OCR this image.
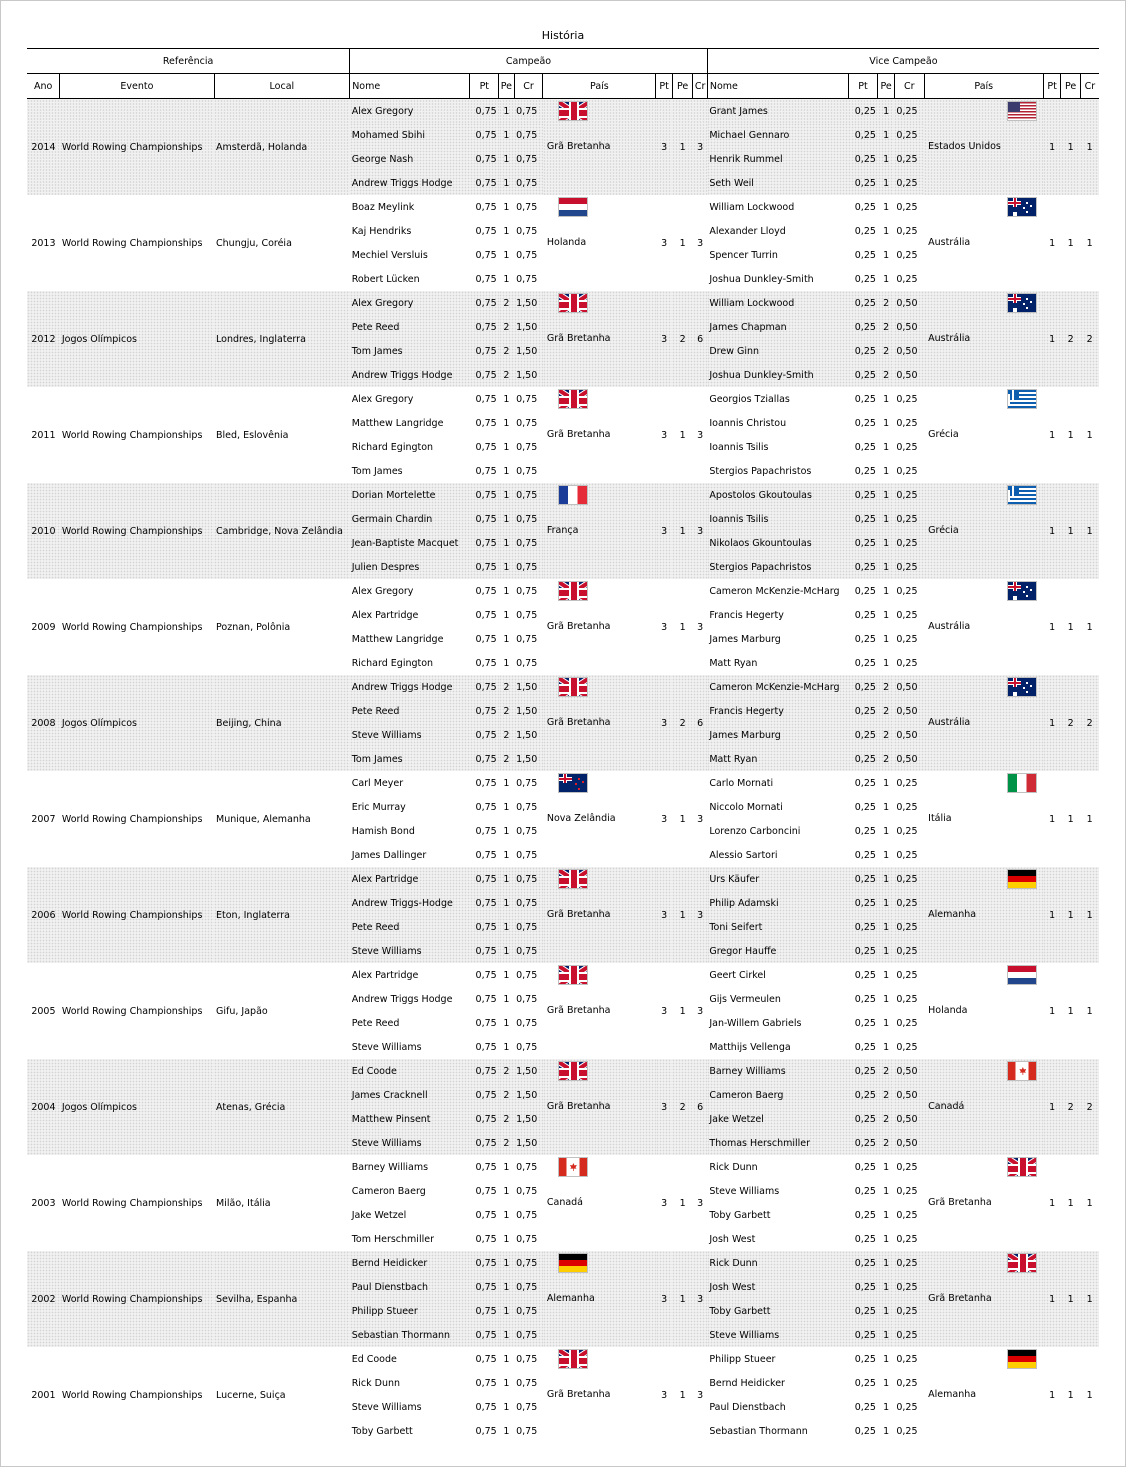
História
Referência			Campeão								Vice Campeão							
Ano	Evento	Local	Nome	Pt	Pe	Cr	País	Pt	Pe	Cr	Nome	Pt	Pe	Cr	País	Pt	Pe	Cr
2014	World Rowing Championships	Amsterdã, Holanda	Alex Gregory	0,75	1	0,75	Grã Bretanha	3	1	3	Grant James	0,25	1	0,25	Estados Unidos	1	1	1
			Mohamed Sbihi	0,75	1	0,75					Michael Gennaro	0,25	1	0,25				
			George Nash	0,75	1	0,75					Henrik Rummel	0,25	1	0,25				
			Andrew Triggs Hodge	0,75	1	0,75					Seth Weil	0,25	1	0,25				
2013	World Rowing Championships	Chungju, Coréia	Boaz Meylink	0,75	1	0,75	Holanda	3	1	3	William Lockwood	0,25	1	0,25	Austrália	1	1	1
			Kaj Hendriks	0,75	1	0,75					Alexander Lloyd	0,25	1	0,25				
			Mechiel Versluis	0,75	1	0,75					Spencer Turrin	0,25	1	0,25				
			Robert Lücken	0,75	1	0,75					Joshua Dunkley-Smith	0,25	1	0,25				
2012	Jogos Olímpicos	Londres, Inglaterra	Alex Gregory	0,75	2	1,50	Grã Bretanha	3	2	6	William Lockwood	0,25	2	0,50	Austrália	1	2	2
			Pete Reed	0,75	2	1,50					James Chapman	0,25	2	0,50				
			Tom James	0,75	2	1,50					Drew Ginn	0,25	2	0,50				
			Andrew Triggs Hodge	0,75	2	1,50					Joshua Dunkley-Smith	0,25	2	0,50				
2011	World Rowing Championships	Bled, Eslovênia	Alex Gregory	0,75	1	0,75	Grã Bretanha	3	1	3	Georgios Tziallas	0,25	1	0,25	Grécia	1	1	1
			Matthew Langridge	0,75	1	0,75					Ioannis Christou	0,25	1	0,25				
			Richard Egington	0,75	1	0,75					Ioannis Tsilis	0,25	1	0,25				
			Tom James	0,75	1	0,75					Stergios Papachristos	0,25	1	0,25				
2010	World Rowing Championships	Cambridge, Nova Zelândia	Dorian Mortelette	0,75	1	0,75	França	3	1	3	Apostolos Gkoutoulas	0,25	1	0,25	Grécia	1	1	1
			Germain Chardin	0,75	1	0,75					Ioannis Tsilis	0,25	1	0,25				
			Jean-Baptiste Macquet	0,75	1	0,75					Nikolaos Gkountoulas	0,25	1	0,25				
			Julien Despres	0,75	1	0,75					Stergios Papachristos	0,25	1	0,25				
2009	World Rowing Championships	Poznan, Polônia	Alex Gregory	0,75	1	0,75	Grã Bretanha	3	1	3	Cameron McKenzie-McHarg	0,25	1	0,25	Austrália	1	1	1
			Alex Partridge	0,75	1	0,75					Francis Hegerty	0,25	1	0,25				
			Matthew Langridge	0,75	1	0,75					James Marburg	0,25	1	0,25				
			Richard Egington	0,75	1	0,75					Matt Ryan	0,25	1	0,25				
2008	Jogos Olímpicos	Beijing, China	Andrew Triggs Hodge	0,75	2	1,50	Grã Bretanha	3	2	6	Cameron McKenzie-McHarg	0,25	2	0,50	Austrália	1	2	2
			Pete Reed	0,75	2	1,50					Francis Hegerty	0,25	2	0,50				
			Steve Williams	0,75	2	1,50					James Marburg	0,25	2	0,50				
			Tom James	0,75	2	1,50					Matt Ryan	0,25	2	0,50				
2007	World Rowing Championships	Munique, Alemanha	Carl Meyer	0,75	1	0,75	Nova Zelândia	3	1	3	Carlo Mornati	0,25	1	0,25	Itália	1	1	1
			Eric Murray	0,75	1	0,75					Niccolo Mornati	0,25	1	0,25				
			Hamish Bond	0,75	1	0,75					Lorenzo Carboncini	0,25	1	0,25				
			James Dallinger	0,75	1	0,75					Alessio Sartori	0,25	1	0,25				
2006	World Rowing Championships	Eton, Inglaterra	Alex Partridge	0,75	1	0,75	Grã Bretanha	3	1	3	Urs Käufer	0,25	1	0,25	Alemanha	1	1	1
			Andrew Triggs-Hodge	0,75	1	0,75					Philip Adamski	0,25	1	0,25				
			Pete Reed	0,75	1	0,75					Toni Seifert	0,25	1	0,25				
			Steve Williams	0,75	1	0,75					Gregor Hauffe	0,25	1	0,25				
2005	World Rowing Championships	Gifu, Japão	Alex Partridge	0,75	1	0,75	Grã Bretanha	3	1	3	Geert Cirkel	0,25	1	0,25	Holanda	1	1	1
			Andrew Triggs Hodge	0,75	1	0,75					Gijs Vermeulen	0,25	1	0,25				
			Pete Reed	0,75	1	0,75					Jan-Willem Gabriels	0,25	1	0,25				
			Steve Williams	0,75	1	0,75					Matthijs Vellenga	0,25	1	0,25				
2004	Jogos Olímpicos	Atenas, Grécia	Ed Coode	0,75	2	1,50	Grã Bretanha	3	2	6	Barney Williams	0,25	2	0,50	Canadá	1	2	2
			James Cracknell	0,75	2	1,50					Cameron Baerg	0,25	2	0,50				
			Matthew Pinsent	0,75	2	1,50					Jake Wetzel	0,25	2	0,50				
			Steve Williams	0,75	2	1,50					Thomas Herschmiller	0,25	2	0,50				
2003	World Rowing Championships	Milão, Itália	Barney Williams	0,75	1	0,75	Canadá	3	1	3	Rick Dunn	0,25	1	0,25	Grã Bretanha	1	1	1
			Cameron Baerg	0,75	1	0,75					Steve Williams	0,25	1	0,25				
			Jake Wetzel	0,75	1	0,75					Toby Garbett	0,25	1	0,25				
			Tom Herschmiller	0,75	1	0,75					Josh West	0,25	1	0,25				
2002	World Rowing Championships	Sevilha, Espanha	Bernd Heidicker	0,75	1	0,75	Alemanha	3	1	3	Rick Dunn	0,25	1	0,25	Grã Bretanha	1	1	1
			Paul Dienstbach	0,75	1	0,75					Josh West	0,25	1	0,25				
			Philipp Stueer	0,75	1	0,75					Toby Garbett	0,25	1	0,25				
			Sebastian Thormann	0,75	1	0,75					Steve Williams	0,25	1	0,25				
2001	World Rowing Championships	Lucerne, Suiça	Ed Coode	0,75	1	0,75	Grã Bretanha	3	1	3	Philipp Stueer	0,25	1	0,25	Alemanha	1	1	1
			Rick Dunn	0,75	1	0,75					Bernd Heidicker	0,25	1	0,25				
			Steve Williams	0,75	1	0,75					Paul Dienstbach	0,25	1	0,25				
			Toby Garbett	0,75	1	0,75					Sebastian Thormann	0,25	1	0,25				
